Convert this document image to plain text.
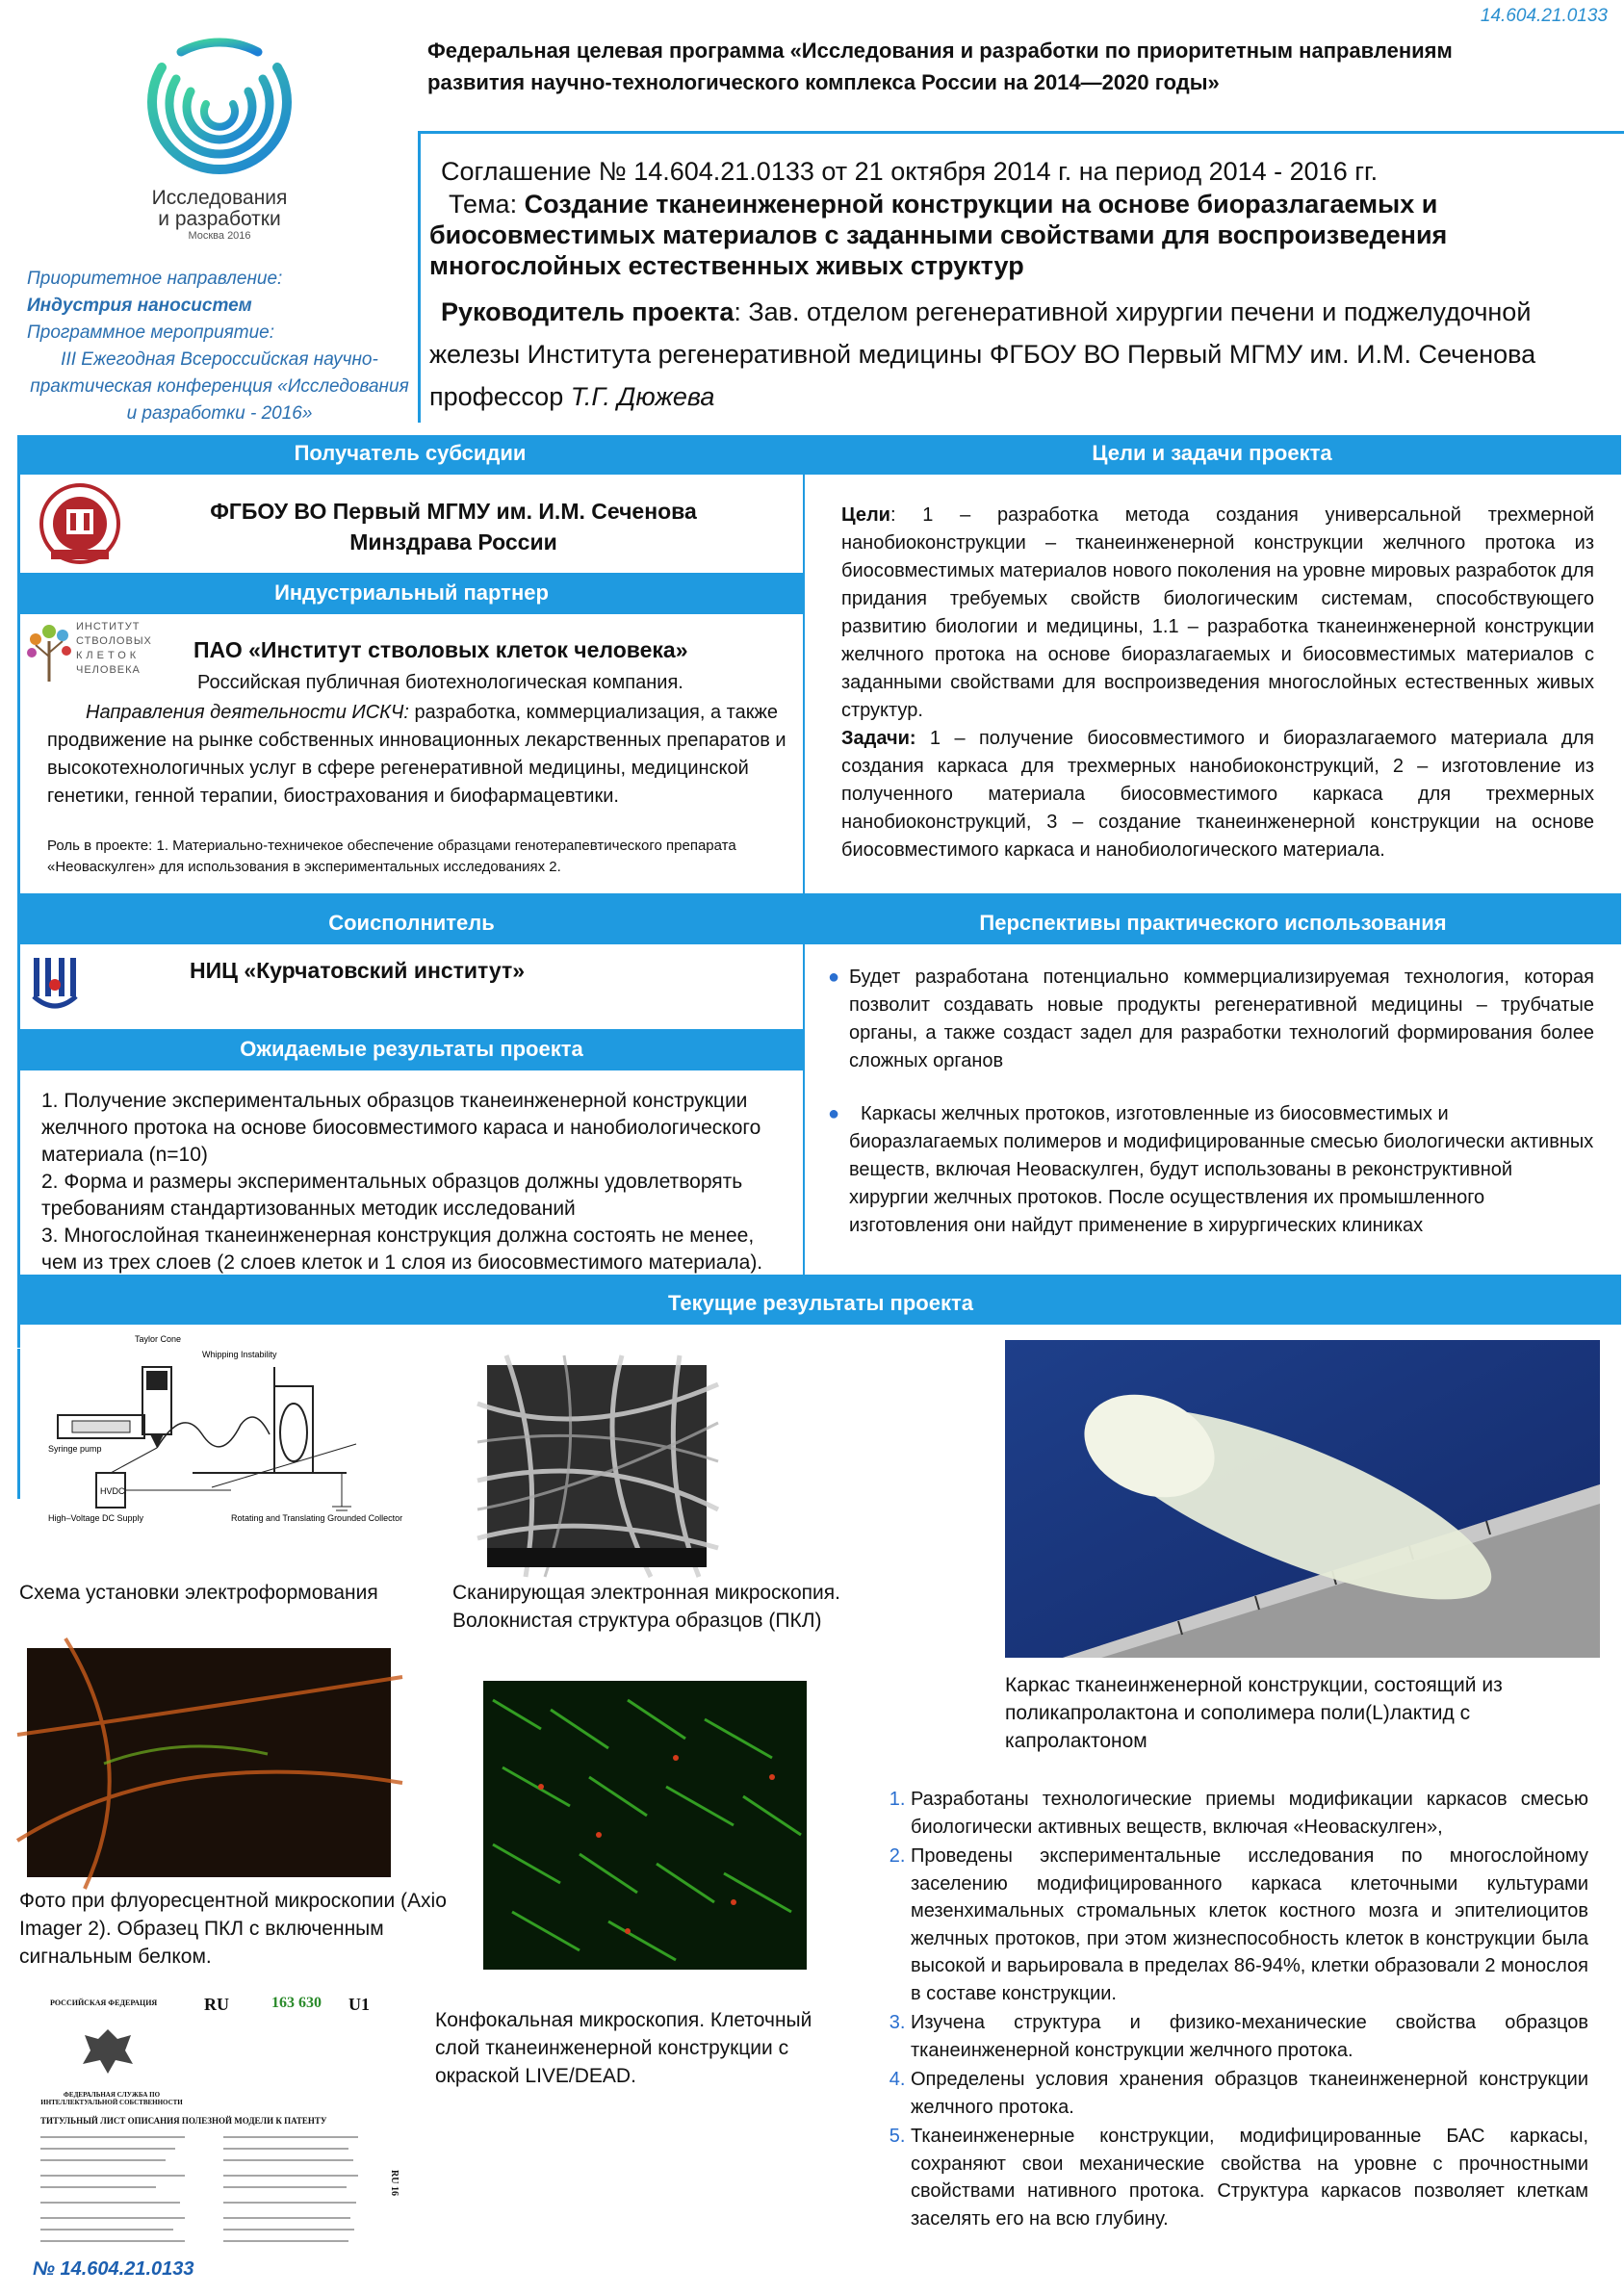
14.604.21.0133
Исследования
и разработки
Москва 2016
Федеральная целевая программа «Исследования и разработки по приоритетным направлениям развития научно-технологического комплекса России на 2014—2020 годы»
Приоритетное направление:
Индустрия наносистем
Программное мероприятие:
III Ежегодная Всероссийская научно-практическая конференция «Исследования и разработки - 2016»
Соглашение № 14.604.21.0133 от 21 октября 2014 г. на период 2014 - 2016 гг.
Тема: Создание тканеинженерной конструкции на основе биоразлагаемых и биосовместимых материалов с заданными свойствами для воспроизведения многослойных естественных живых структур
Руководитель проекта: Зав. отделом регенеративной хирургии печени и поджелудочной железы Института регенеративной медицины ФГБОУ ВО Первый МГМУ им. И.М. Сеченова профессор Т.Г. Дюжева
Получатель субсидии	Цели и задачи проекта
ФГБОУ ВО Первый МГМУ им. И.М. Сеченова
Минздрава России
Индустриальный партнер
ИНСТИТУТ
СТВОЛОВЫХ
КЛЕТОК
ЧЕЛОВЕКА
ПАО «Институт стволовых клеток человека»
Российская публичная биотехнологическая компания.
Направления деятельности ИСКЧ: разработка, коммерциализация, а также продвижение на рынке собственных инновационных лекарственных препаратов и высокотехнологичных услуг в сфере регенеративной медицины, медицинской генетики, генной терапии, биострахования и биофармацевтики.
Роль в проекте: 1. Материально-техничекое обеспечение образцами генотерапевтического препарата «Неоваскулген» для использования в экспериментальных исследованиях 2.
Цели: 1 – разработка метода создания универсальной трехмерной нанобиоконструкции – тканеинженерной конструкции желчного протока из биосовместимых материалов нового поколения на уровне мировых разработок для придания требуемых свойств биологическим системам, способствующего развитию биологии и медицины, 1.1 – разработка тканеинженерной конструкции желчного протока на основе биоразлагаемых и биосовместимых материалов с заданными свойствами для воспроизведения многослойных естественных живых структур.
Задачи: 1 – получение биосовместимого и биоразлагаемого материала для создания каркаса для трехмерных нанобиоконструкций, 2 – изготовление из полученного материала биосовместимого каркаса для трехмерных нанобиоконструкций, 3 – создание тканеинженерной конструкции на основе биосовместимого каркаса и нанобиологического материала.
Соисполнитель	Перспективы практического использования
НИЦ «Курчатовский институт»
Ожидаемые результаты проекта
1. Получение экспериментальных образцов тканеинженерной конструкции желчного протока на основе биосовместимого караса и нанобиологического материала (n=10)
2. Форма и размеры экспериментальных образцов должны удовлетворять требованиям стандартизованных методик исследований
3. Многослойная тканеинженерная конструкция должна состоять не менее, чем из трех слоев (2 слоев клеток и 1 слоя из биосовместимого материала).
● Будет разработана потенциально коммерциализируемая технология, которая позволит создавать новые продукты регенеративной медицины – трубчатые органы, а также создаст задел для разработки технологий формирования более сложных органов
● Каркасы желчных протоков, изготовленные из биосовместимых и биоразлагаемых полимеров и модифицированные смесью биологически активных веществ, включая Неоваскулген, будут использованы в реконструктивной хирургии желчных протоков. После осуществления их промышленного изготовления они найдут применение в хирургических клиниках
Текущие результаты проекта
Taylor Cone
Whipping Instability
Syringe pump
High–Voltage DC Supply
HVDC
Rotating and Translating Grounded Collector
Схема установки электроформования	Сканирующая электронная микроскопия.
Волокнистая структура образцов (ПКЛ)
Каркас тканеинженерной конструкции, состоящий из поликапролактона и сополимера поли(L)лактид с капролактоном
Фото при флуоресцентной микроскопии (Axio Imager 2). Образец ПКЛ с включенным сигнальным белком.
Конфокальная микроскопия. Клеточный слой тканеинженерной конструкции с окраской LIVE/DEAD.
РОССИЙСКАЯ ФЕДЕРАЦИЯ	RU	163 630 U1
ФЕДЕРАЛЬНАЯ СЛУЖБА ПО ИНТЕЛЛЕКТУАЛЬНОЙ СОБСТВЕННОСТИ
ТИТУЛЬНЫЙ ЛИСТ ОПИСАНИЯ ПОЛЕЗНОЙ МОДЕЛИ К ПАТЕНТУ
RU 16
1. Разработаны технологические приемы модификации каркасов смесью биологически активных веществ, включая «Неоваскулген»,
2. Проведены экспериментальные исследования по многослойному заселению модифицированного каркаса клеточными культурами мезенхимальных стромальных клеток костного мозга и эпителиоцитов желчных протоков, при этом жизнеспособность клеток в конструкции была высокой и варьировала в пределах 86-94%, клетки образовали 2 монослоя в составе конструкции.
3. Изучена структура и физико-механические свойства образцов тканеинженерной конструкции желчного протока.
4. Определены условия хранения образцов тканеинженерной конструкции желчного протока.
5. Тканеинженерные конструкции, модифицированные БАС каркасы, сохраняют свои механические свойства на уровне с прочностными свойствами нативного протока. Структура каркасов позволяет клеткам заселять его на всю глубину.
№ 14.604.21.0133
